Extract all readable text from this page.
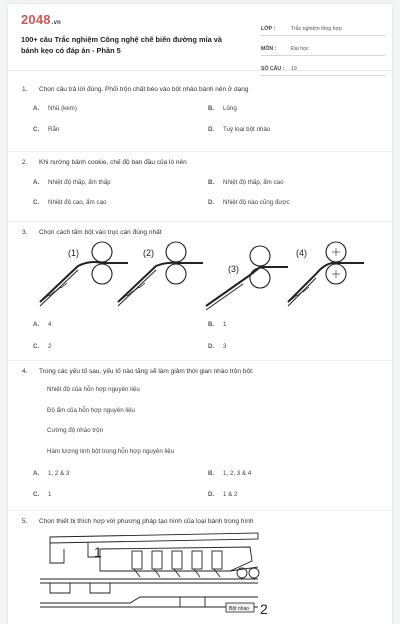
2048.vn
100+ câu Trắc nghiệm Công nghệ chế biến đường mía và bánh kẹo có đáp án - Phần 5
LỚP :	Trắc nghiệm tổng hợp
MÔN :	Đại học
SỐ CÂU :	19
1.	Chọn câu trả lời đúng. Phối trộn chất béo vào bột nhào bánh nên ở dạng
A.	Nhũ (kem)	B.	Lỏng
C.	Rắn	D.	Tuỳ loại bột nhào
2.	Khi nướng bánh cookie, chế độ ban đầu của lò nên
A.	Nhiệt độ thấp, ẩm thấp	B.	Nhiệt độ thấp, ẩm cao
C.	Nhiệt độ cao, ẩm cao	D.	Nhiệt độ nào cũng được
3.	Chọn cách tấm bột vào trục cán đúng nhất
(1)	(2)
(3)
(4)
A.	4	B.	1
C.	2	D.	3
4.	Trong các yếu tố sau, yếu tố nào tăng sẽ làm giảm thời gian nhào trộn bột:
Nhiệt độ của hỗn hợp nguyên liệu
Độ ẩm của hỗn hợp nguyên liệu
Cường độ nhào trộn
Hàm lượng tinh bột trong hỗn hợp nguyên liệu
A.	1, 2 & 3	B.	1, 2, 3 & 4
C.	1	D.	1 & 2
5.	Chọn thiết bị thích hợp với phương pháp tạo hình của loại bánh trong hình
1
Bột nhào 2
